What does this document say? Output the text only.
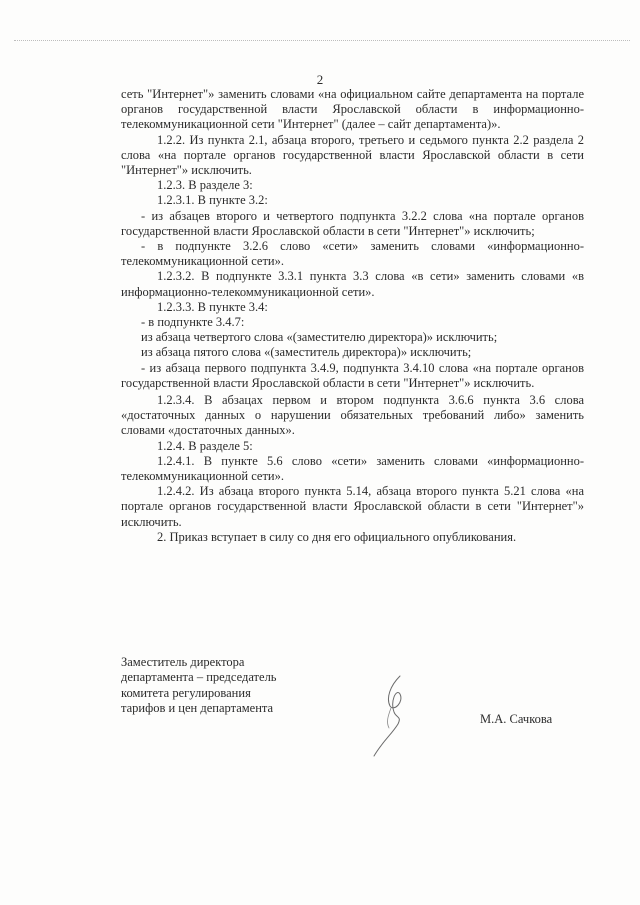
2

сеть "Интернет"» заменить словами «на официальном сайте департамента на портале органов государственной власти Ярославской области в информационно-телекоммуникационной сети "Интернет" (далее – сайт департамента)».

1.2.2. Из пункта 2.1, абзаца второго, третьего и седьмого пункта 2.2 раздела 2 слова «на портале органов государственной власти Ярославской области в сети "Интернет"» исключить.

1.2.3. В разделе 3:

1.2.3.1. В пункте 3.2:

- из абзацев второго и четвертого подпункта 3.2.2 слова «на портале органов государственной власти Ярославской области в сети "Интернет"» исключить;

- в подпункте 3.2.6 слово «сети» заменить словами «информационно-телекоммуникационной сети».

1.2.3.2. В подпункте 3.3.1 пункта 3.3 слова «в сети» заменить словами «в информационно-телекоммуникационной сети».

1.2.3.3. В пункте 3.4:

- в подпункте 3.4.7:

из абзаца четвертого слова «(заместителю директора)» исключить;

из абзаца пятого слова «(заместитель директора)» исключить;

- из абзаца первого подпункта 3.4.9, подпункта 3.4.10 слова «на портале органов государственной власти Ярославской области в сети "Интернет"» исключить.

1.2.3.4. В абзацах первом и втором подпункта 3.6.6 пункта 3.6 слова «достаточных данных о нарушении обязательных требований либо» заменить словами «достаточных данных».

1.2.4. В разделе 5:

1.2.4.1. В пункте 5.6 слово «сети» заменить словами «информационно-телекоммуникационной сети».

1.2.4.2. Из абзаца второго пункта 5.14, абзаца второго пункта 5.21 слова «на портале органов государственной власти Ярославской области в сети "Интернет"» исключить.

2. Приказ вступает в силу со дня его официального опубликования.

Заместитель директора
департамента – председатель
комитета регулирования
тарифов и цен департамента
М.А. Сачкова
